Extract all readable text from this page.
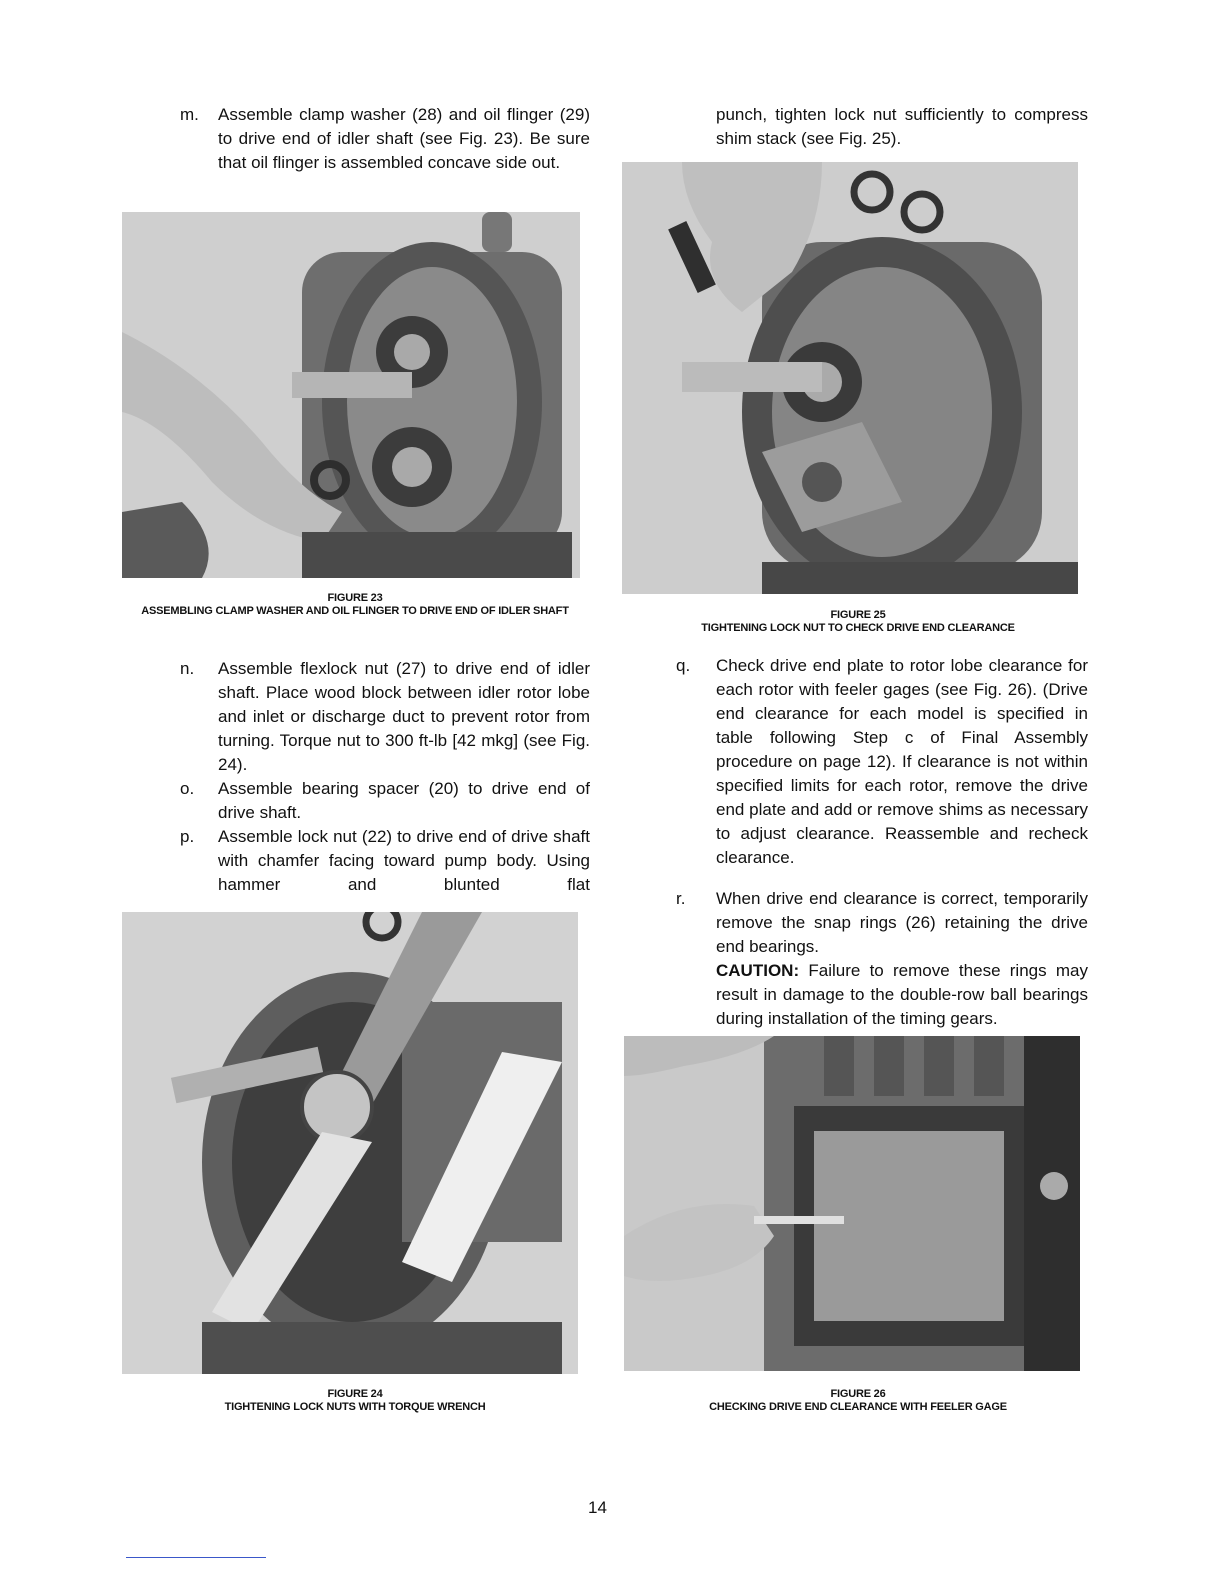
m. Assemble clamp washer (28) and oil flinger (29) to drive end of idler shaft (see Fig. 23). Be sure that oil flinger is assembled concave side out.
FIGURE 23
ASSEMBLING CLAMP WASHER AND OIL FLINGER TO DRIVE END OF IDLER SHAFT
n. Assemble flexlock nut (27) to drive end of idler shaft. Place wood block between idler rotor lobe and inlet or discharge duct to prevent rotor from turning. Torque nut to 300 ft-lb [42 mkg] (see Fig. 24).
o. Assemble bearing spacer (20) to drive end of drive shaft.
p. Assemble lock nut (22) to drive end of drive shaft with chamfer facing toward pump body. Using hammer and blunted flat
FIGURE 24
TIGHTENING LOCK NUTS WITH TORQUE WRENCH
punch, tighten lock nut sufficiently to compress shim stack (see Fig. 25).
FIGURE 25
TIGHTENING LOCK NUT TO CHECK DRIVE END CLEARANCE
q. Check drive end plate to rotor lobe clearance for each rotor with feeler gages (see Fig. 26). (Drive end clearance for each model is specified in table following Step c of Final Assembly procedure on page 12). If clearance is not within specified limits for each rotor, remove the drive end plate and add or remove shims as necessary to adjust clearance. Reassemble and recheck clearance.
r. When drive end clearance is correct, temporarily remove the snap rings (26) retaining the drive end bearings.
CAUTION: Failure to remove these rings may result in damage to the double-row ball bearings during installation of the timing gears.
FIGURE 26
CHECKING DRIVE END CLEARANCE WITH FEELER GAGE
14
